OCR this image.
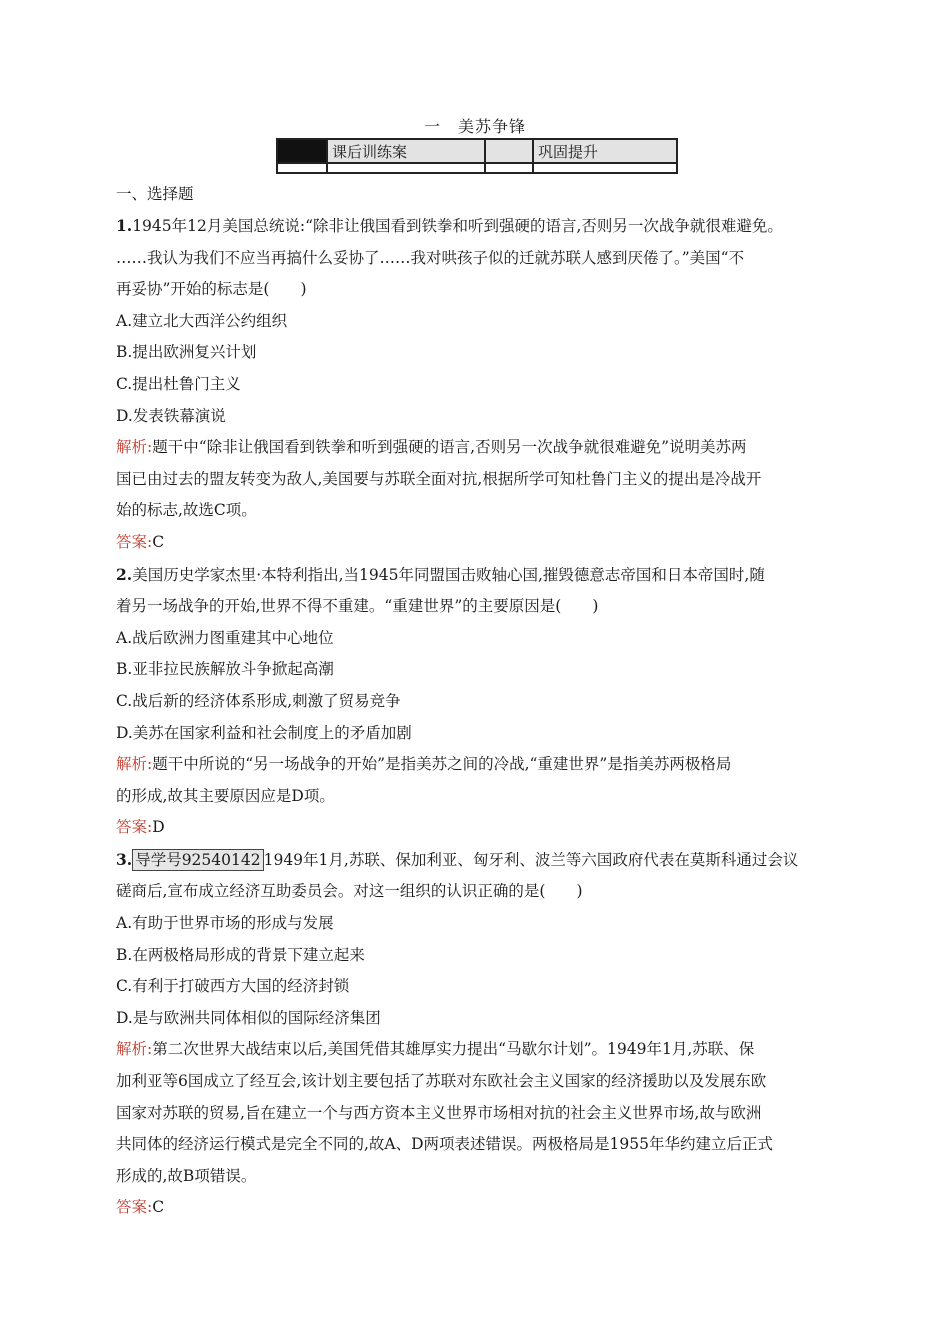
一　美苏争锋
	课后训练案		巩固提升

一、选择题

1.1945年12月美国总统说:“除非让俄国看到铁拳和听到强硬的语言,否则另一次战争就很难避免。

……我认为我们不应当再搞什么妥协了……我对哄孩子似的迁就苏联人感到厌倦了。”美国“不

再妥协”开始的标志是(　　)

A.建立北大西洋公约组织

B.提出欧洲复兴计划

C.提出杜鲁门主义

D.发表铁幕演说

解析:题干中“除非让俄国看到铁拳和听到强硬的语言,否则另一次战争就很难避免”说明美苏两

国已由过去的盟友转变为敌人,美国要与苏联全面对抗,根据所学可知杜鲁门主义的提出是冷战开

始的标志,故选C项。

答案:C

2.美国历史学家杰里·本特利指出,当1945年同盟国击败轴心国,摧毁德意志帝国和日本帝国时,随

着另一场战争的开始,世界不得不重建。“重建世界”的主要原因是(　　)

A.战后欧洲力图重建其中心地位

B.亚非拉民族解放斗争掀起高潮

C.战后新的经济体系形成,刺激了贸易竞争

D.美苏在国家利益和社会制度上的矛盾加剧

解析:题干中所说的“另一场战争的开始”是指美苏之间的冷战,“重建世界”是指美苏两极格局

的形成,故其主要原因应是D项。

答案:D

3. 导学号92540142 1949年1月,苏联、保加利亚、匈牙利、波兰等六国政府代表在莫斯科通过会议

磋商后,宣布成立经济互助委员会。对这一组织的认识正确的是(　　)

A.有助于世界市场的形成与发展

B.在两极格局形成的背景下建立起来

C.有利于打破西方大国的经济封锁

D.是与欧洲共同体相似的国际经济集团

解析:第二次世界大战结束以后,美国凭借其雄厚实力提出“马歇尔计划”。1949年1月,苏联、保

加利亚等6国成立了经互会,该计划主要包括了苏联对东欧社会主义国家的经济援助以及发展东欧

国家对苏联的贸易,旨在建立一个与西方资本主义世界市场相对抗的社会主义世界市场,故与欧洲

共同体的经济运行模式是完全不同的,故A、D两项表述错误。两极格局是1955年华约建立后正式

形成的,故B项错误。

答案:C
